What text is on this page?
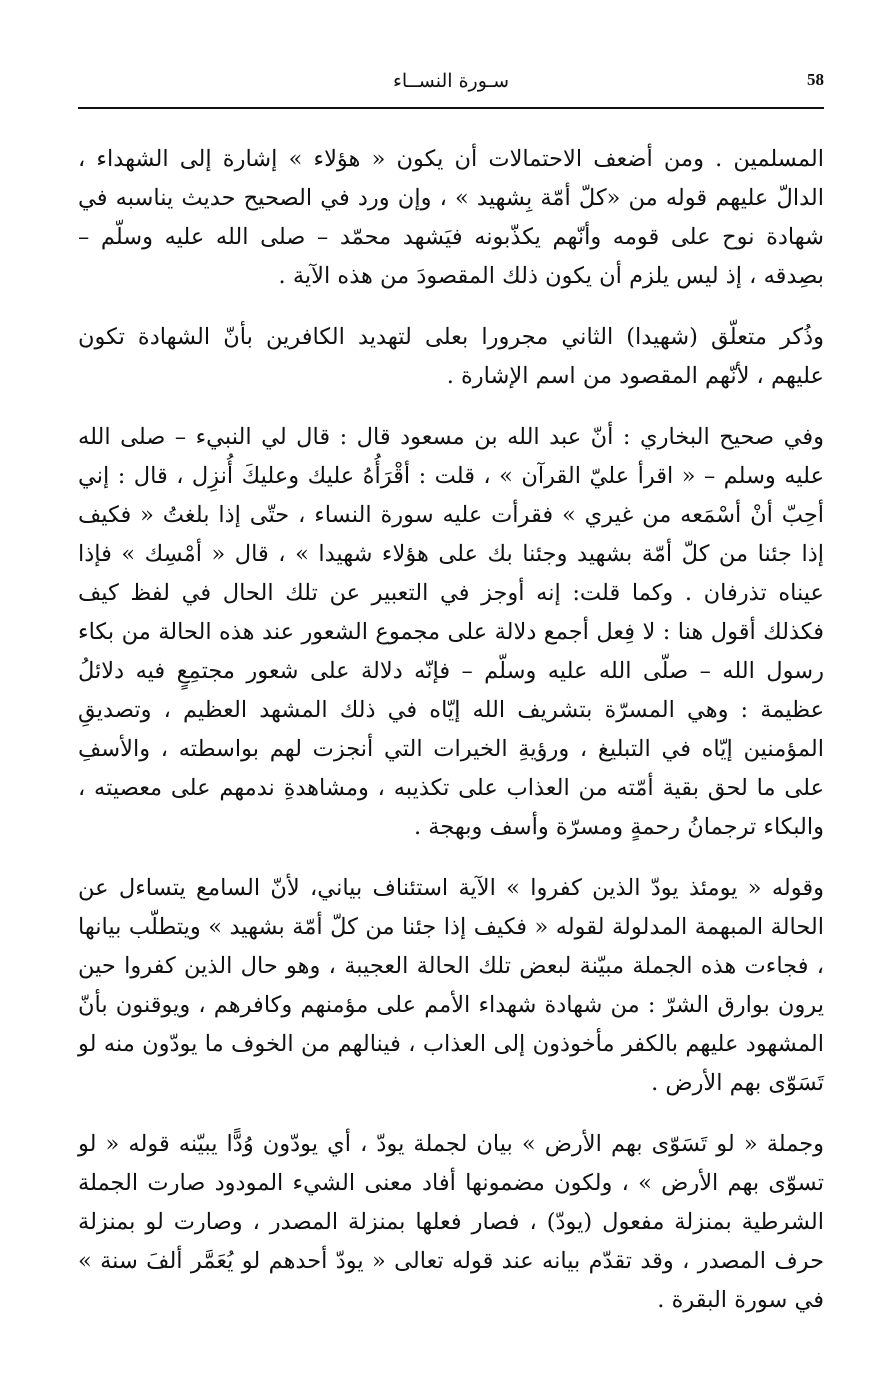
58
سـورة النســاء

المسلمين . ومن أضعف الاحتمالات أن يكون « هؤلاء » إشارة إلى الشهداء ، الدالّ عليهم قوله من «كلّ أمّة بِشهيد » ، وإن ورد في الصحيح حديث يناسبه في شهادة نوح على قومه وأنّهم يكذّبونه فيَشهد محمّد – صلى الله عليه وسلّم – بصِدقه ، إذ ليس يلزم أن يكون ذلك المقصودَ من هذه الآية .

وذُكر متعلّق (شهيدا) الثاني مجرورا بعلى لتهديد الكافرين بأنّ الشهادة تكون عليهم ، لأنّهم المقصود من اسم الإشارة .

وفي صحيح البخاري : أنّ عبد الله بن مسعود قال : قال لي النبيء – صلى الله عليه وسلم – « اقرأ عليّ القرآن » ، قلت : أقْرَأُهُ عليك وعليكَ أُنزِل ، قال : إني أحِبّ أنْ أسْمَعه من غيري » فقرأت عليه سورة النساء ، حتّى إذا بلغتُ « فكيف إذا جئنا من كلّ أمّة بشهيد وجئنا بك على هؤلاء شهيدا » ، قال « أمْسِك » فإذا عيناه تذرفان . وكما قلت: إنه أوجز في التعبير عن تلك الحال في لفظ كيف فكذلك أقول هنا : لا فِعل أجمع دلالة على مجموع الشعور عند هذه الحالة من بكاء رسول الله – صلّى الله عليه وسلّم – فإنّه دلالة على شعور مجتمِعٍ فيه دلائلُ عظيمة : وهي المسرّة بتشريف الله إيّاه في ذلك المشهد العظيم ، وتصديقِ المؤمنين إيّاه في التبليغ ، ورؤيةِ الخيرات التي أنجزت لهم بواسطته ، والأسفِ على ما لحق بقية أمّته من العذاب على تكذيبه ، ومشاهدةِ ندمهم على معصيته ، والبكاء ترجمانُ رحمةٍ ومسرّة وأسف وبهجة .

وقوله « يومئذ يودّ الذين كفروا » الآية استئناف بياني، لأنّ السامع يتساءل عن الحالة المبهمة المدلولة لقوله « فكيف إذا جئنا من كلّ أمّة بشهيد » ويتطلّب بيانها ، فجاءت هذه الجملة مبيّنة لبعض تلك الحالة العجيبة ، وهو حال الذين كفروا حين يرون بوارق الشرّ : من شهادة شهداء الأمم على مؤمنهم وكافرهم ، ويوقنون بأنّ المشهود عليهم بالكفر مأخوذون إلى العذاب ، فينالهم من الخوف ما يودّون منه لو تَسَوّى بهم الأرض .

وجملة « لو تَسَوّى بهم الأرض » بيان لجملة يودّ ، أي يودّون وُدًّا يبيّنه قوله « لو تسوّى بهم الأرض » ، ولكون مضمونها أفاد معنى الشيء المودود صارت الجملة الشرطية بمنزلة مفعول (يودّ) ، فصار فعلها بمنزلة المصدر ، وصارت لو بمنزلة حرف المصدر ، وقد تقدّم بيانه عند قوله تعالى « يودّ أحدهم لو يُعَمَّر ألفَ سنة » في سورة البقرة .
